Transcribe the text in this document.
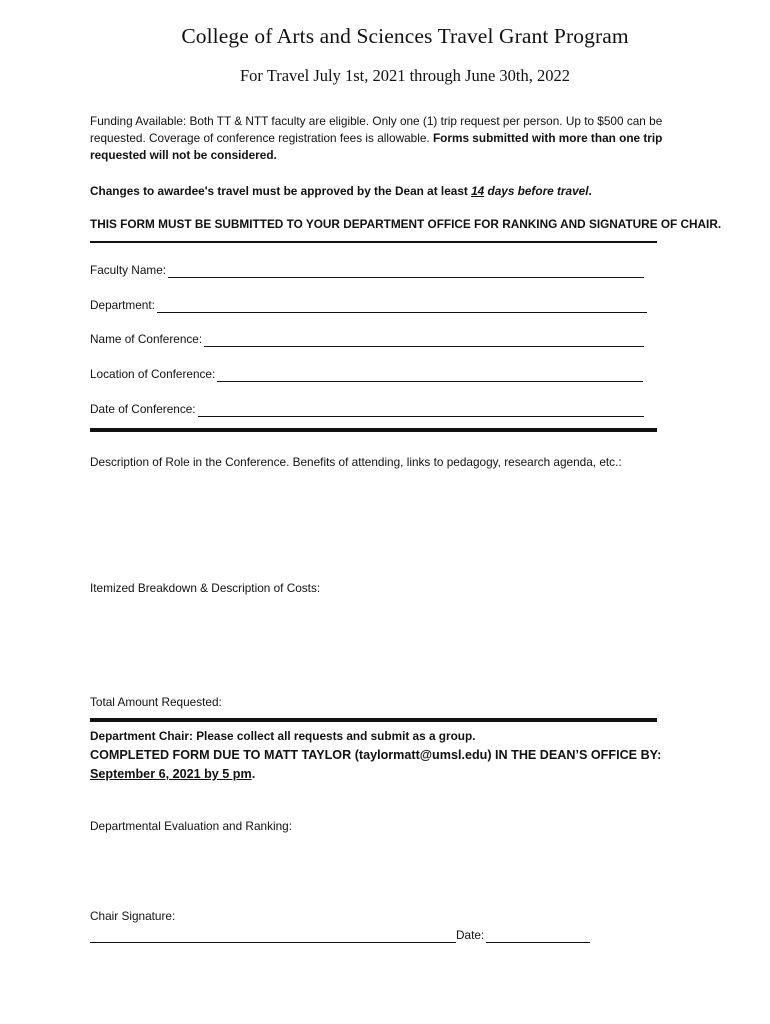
College of Arts and Sciences Travel Grant Program
For Travel July 1st, 2021 through June 30th, 2022
Funding Available: Both TT & NTT faculty are eligible. Only one (1) trip request per person. Up to $500 can be requested. Coverage of conference registration fees is allowable. Forms submitted with more than one trip requested will not be considered.
Changes to awardee's travel must be approved by the Dean at least 14 days before travel.
THIS FORM MUST BE SUBMITTED TO YOUR DEPARTMENT OFFICE FOR RANKING AND SIGNATURE OF CHAIR.
Faculty Name:
Department:
Name of Conference:
Location of Conference:
Date of Conference:
Description of Role in the Conference. Benefits of attending, links to pedagogy, research agenda, etc.:
Itemized Breakdown & Description of Costs:
Total Amount Requested:
Department Chair: Please collect all requests and submit as a group.
COMPLETED FORM DUE TO MATT TAYLOR (taylormatt@umsl.edu) IN THE DEAN’S OFFICE BY:
September 6, 2021 by 5 pm.
Departmental Evaluation and Ranking:
Chair Signature:
Date:
